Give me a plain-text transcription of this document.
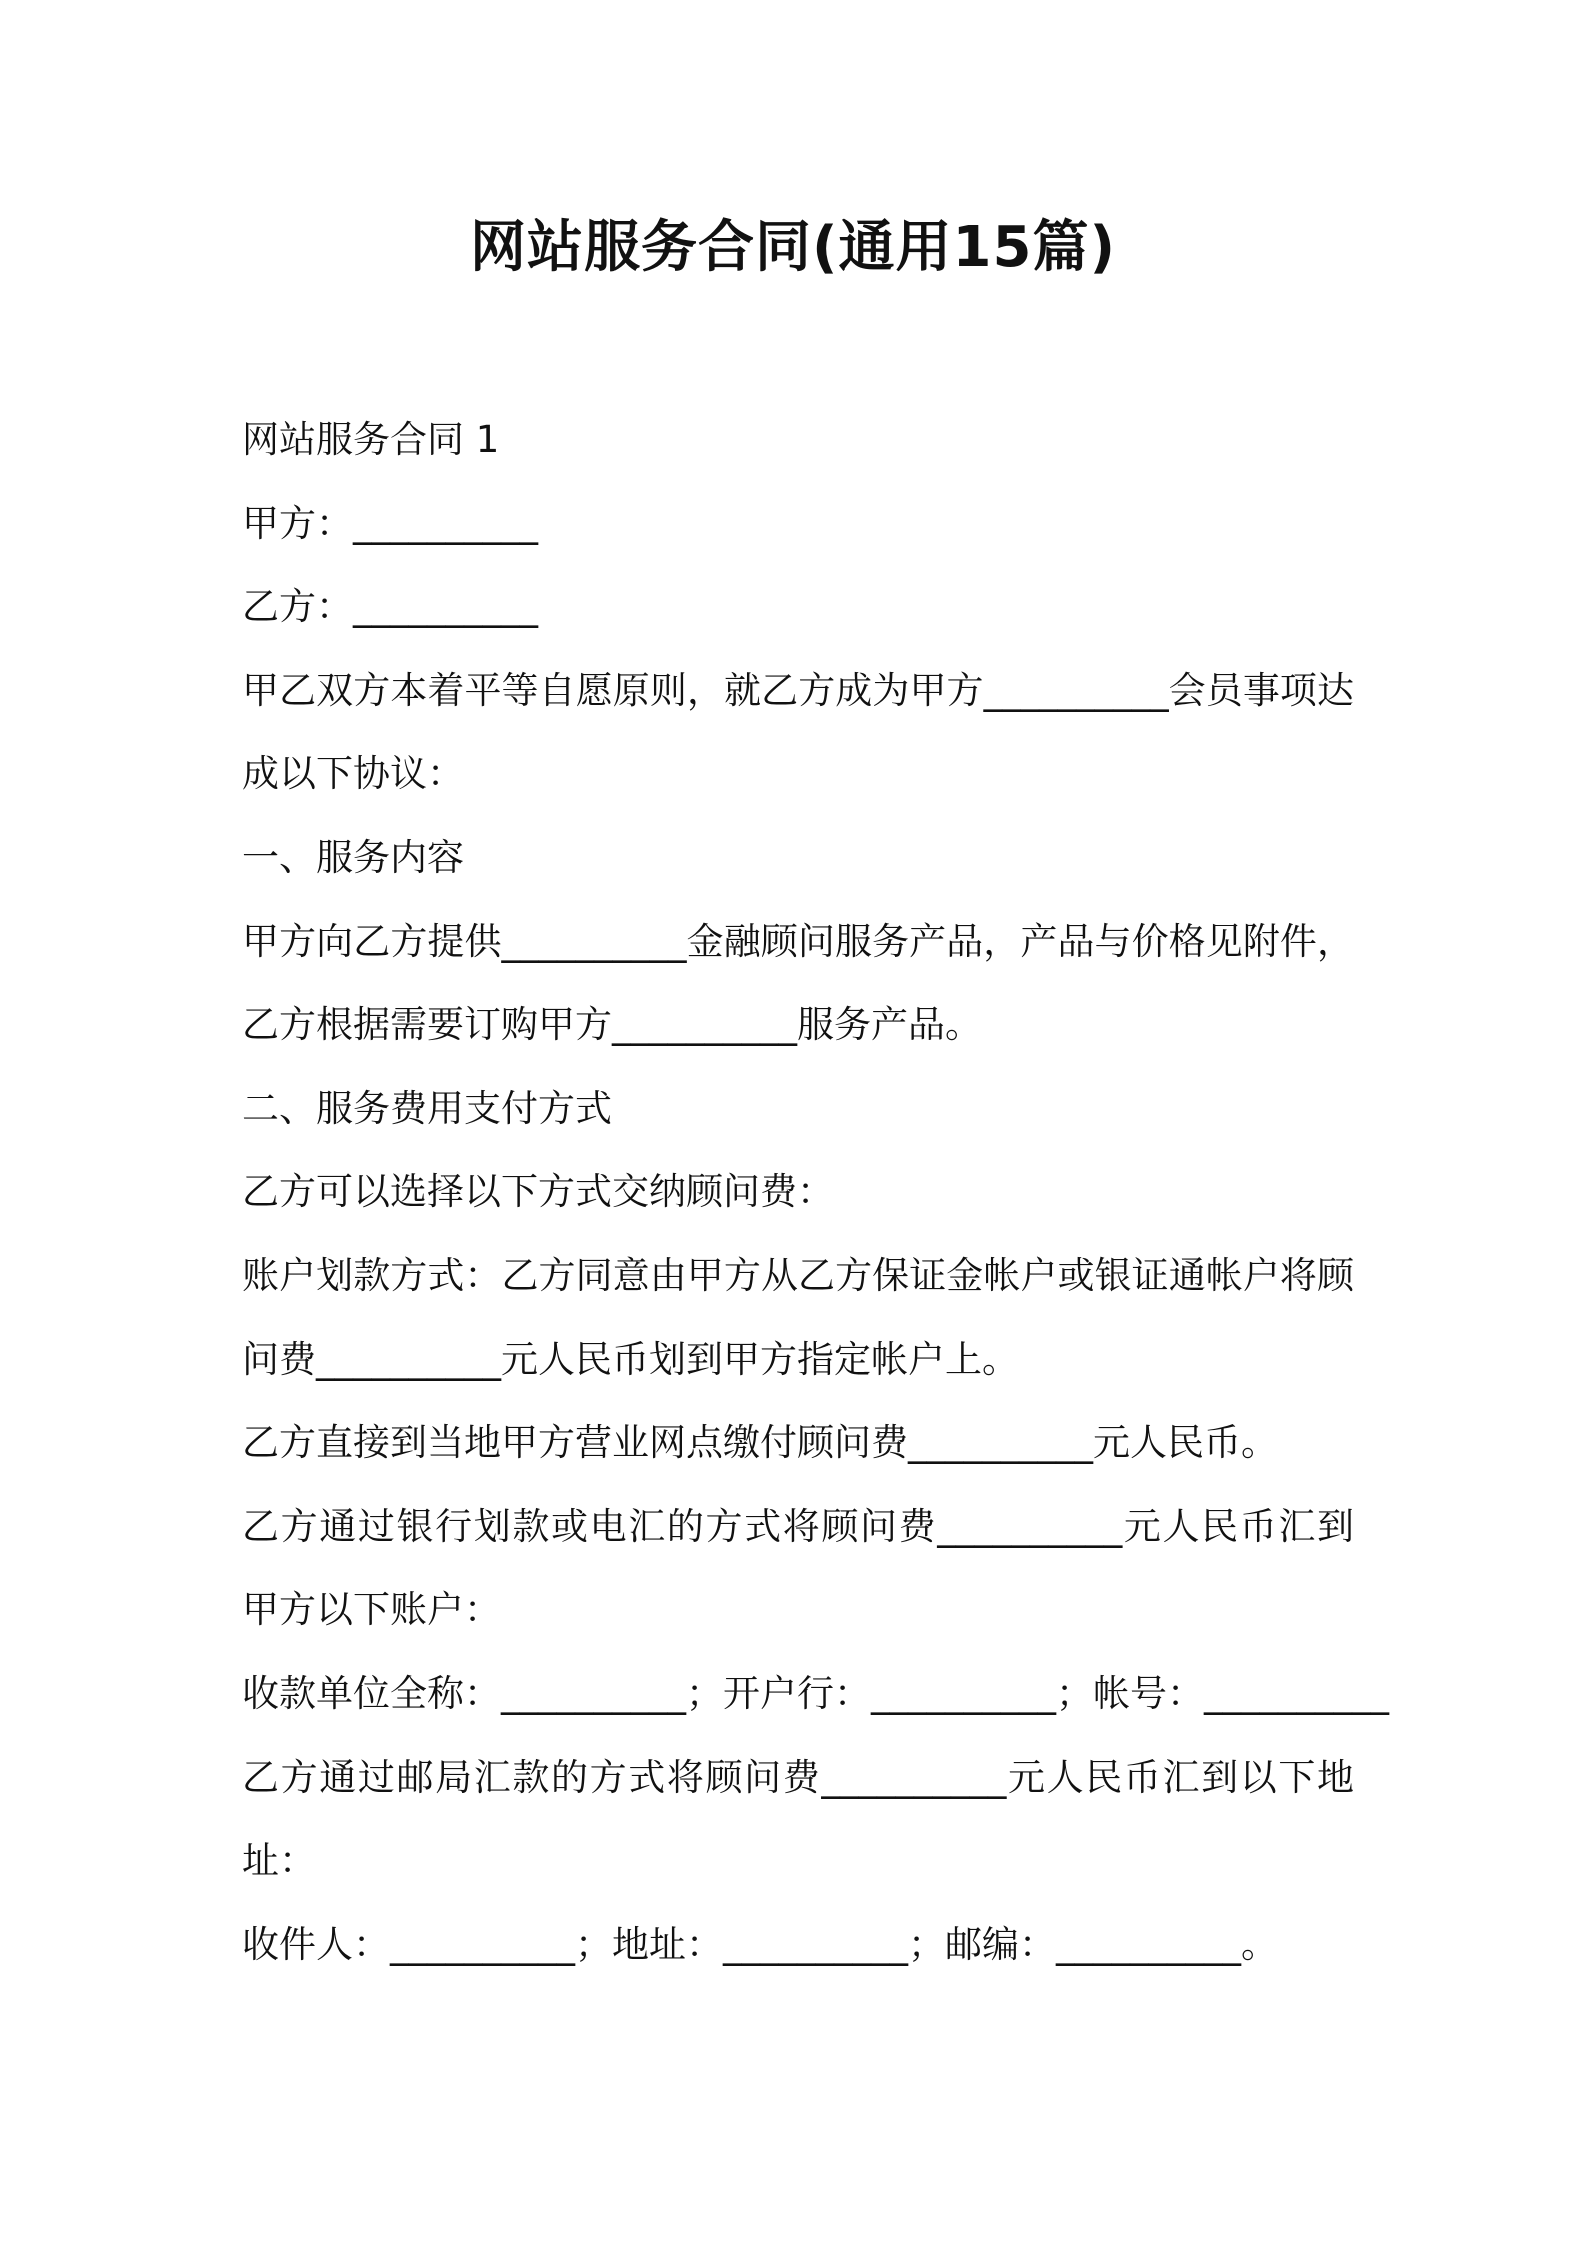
网站服务合同(通用15篇)
网站服务合同 1
甲方：__________
乙方：__________
甲乙双方本着平等自愿原则，就乙方成为甲方__________会员事项达
成以下协议：
一、服务内容
甲方向乙方提供__________金融顾问服务产品，产品与价格见附件，
乙方根据需要订购甲方__________服务产品。
二、服务费用支付方式
乙方可以选择以下方式交纳顾问费：
账户划款方式：乙方同意由甲方从乙方保证金帐户或银证通帐户将顾
问费__________元人民币划到甲方指定帐户上。
乙方直接到当地甲方营业网点缴付顾问费__________元人民币。
乙方通过银行划款或电汇的方式将顾问费__________元人民币汇到
甲方以下账户：
收款单位全称：__________；开户行：__________；帐号：__________
乙方通过邮局汇款的方式将顾问费__________元人民币汇到以下地
址：
收件人：__________；地址：__________；邮编：__________。
